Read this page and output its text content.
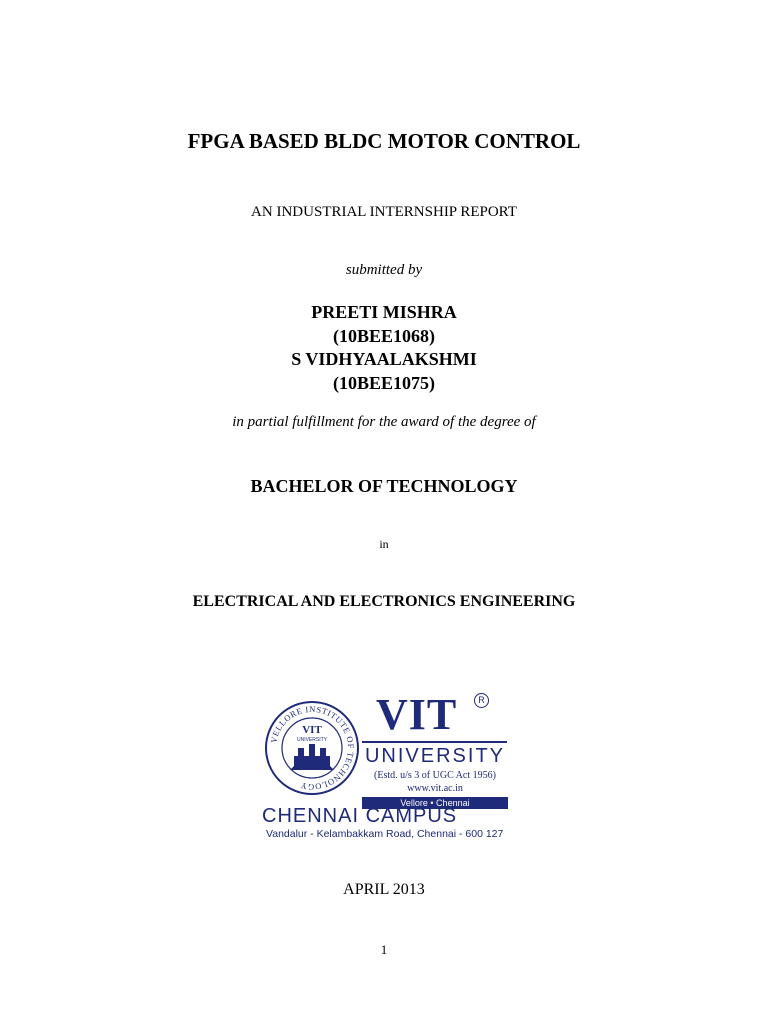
FPGA BASED BLDC MOTOR CONTROL
AN INDUSTRIAL INTERNSHIP REPORT
submitted by
PREETI MISHRA
(10BEE1068)
S VIDHYAALAKSHMI
(10BEE1075)
in partial fulfillment for the award of the degree of
BACHELOR OF TECHNOLOGY
in
ELECTRICAL AND ELECTRONICS ENGINEERING
VELLORE INSTITUTE OF TECHNOLOGY
VIT
UNIVERSITY
VIT	R
UNIVERSITY
(Estd. u/s 3 of UGC Act 1956)
www.vit.ac.in
Vellore • Chennai
CHENNAI CAMPUS
Vandalur - Kelambakkam Road, Chennai - 600 127
APRIL 2013
1
